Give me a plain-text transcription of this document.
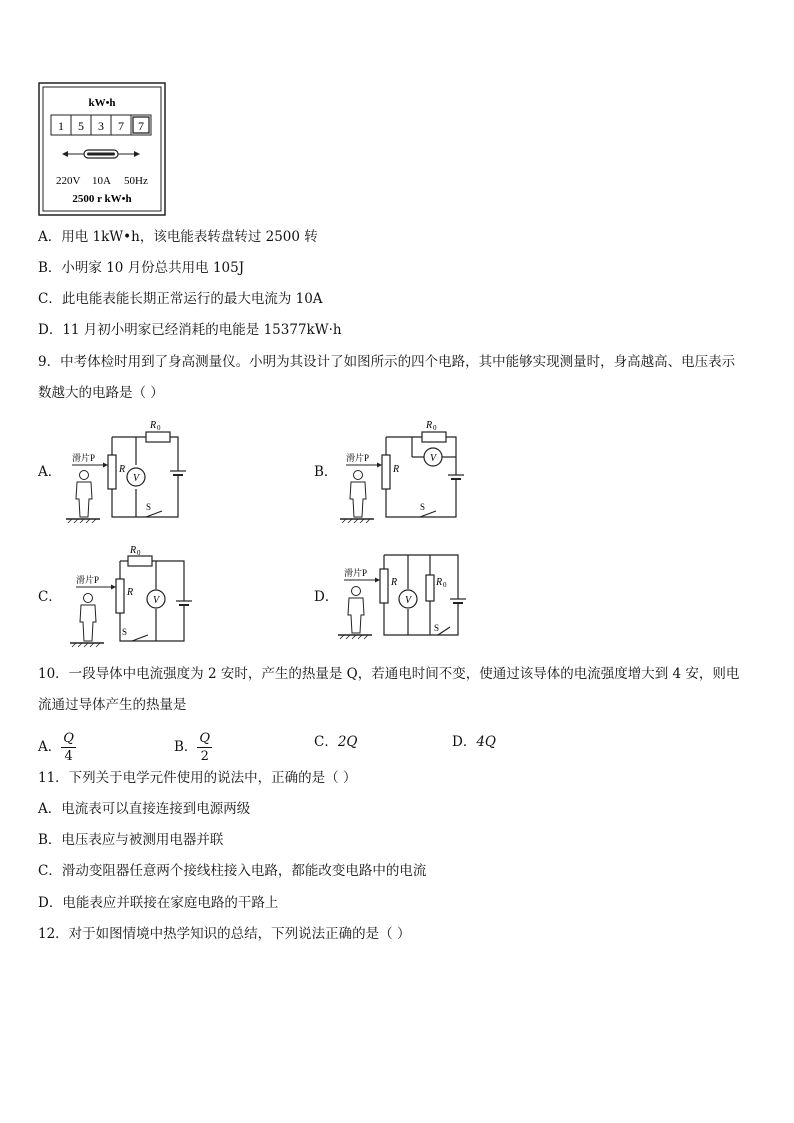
kW•h
1 5 3 7 7
220V 10A 50Hz
2500 r kW•h
A．用电 1kW•h，该电能表转盘转过 2500 转
B．小明家 10 月份总共用电 105J
C．此电能表能长期正常运行的最大电流为 10A
D．11 月初小明家已经消耗的电能是 15377kW·h
9．中考体检时用到了身高测量仪。小明为其设计了如图所示的四个电路，其中能够实现测量时，身高越高、电压表示
数越大的电路是（ ）
A．	B．
C．	D．
V
R 0
R
S
滑片P	V
R 0
R
S
滑片P
V
R 0
R
S
滑片P
V
R 0
R
S
滑片P
10．一段导体中电流强度为 2 安时，产生的热量是 Q，若通电时间不变，使通过该导体的电流强度增大到 4 安，则电
流通过导体产生的热量是
A． $\frac{Q}{4}$	B． $\frac{Q}{2}$	C．2Q	D．4Q
11．下列关于电学元件使用的说法中，正确的是（ ）
A．电流表可以直接连接到电源两级
B．电压表应与被测用电器并联
C．滑动变阻器任意两个接线柱接入电路，都能改变电路中的电流
D．电能表应并联接在家庭电路的干路上
12．对于如图情境中热学知识的总结，下列说法正确的是（ ）
